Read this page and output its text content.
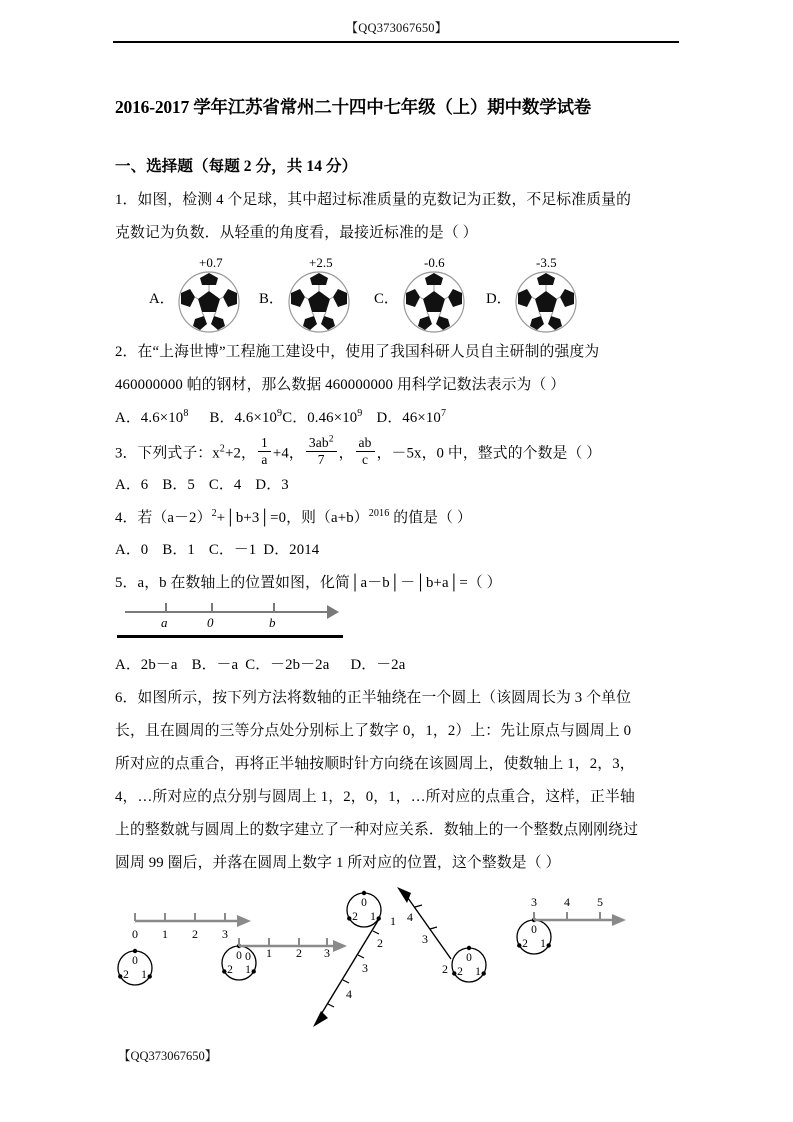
【QQ373067650】
2016-2017 学年江苏省常州二十四中七年级（上）期中数学试卷
一、选择题（每题 2 分，共 14 分）
1．如图，检测 4 个足球，其中超过标准质量的克数记为正数，不足标准质量的
克数记为负数．从轻重的角度看，最接近标准的是（ ）
A．
+0.7
B．
+2.5
C．
-0.6
D．
-3.5
2．在“上海世博”工程施工建设中，使用了我国科研人员自主研制的强度为
460000000 帕的钢材，那么数据 460000000 用科学记数法表示为（ ）
A．$4.6\times 10^8$ B．$4.6\times 10^9C$．$0.46\times 10^9$ D．$46\times 10^7$
3．下列式子：$x^2+2$， $\frac{1}{a} +4$， $\frac{3ab^2}{7}$ ， $\frac{ab}{c}$ ，－5x，0 中，整式的个数是（ ）
A．6 B．5 C．4 D．3
4．若$(a-2)^2+│b+3│=0$，则$(a+b)^{2016}$ 的值是（ ）
A．0 B．1 C．－1 D．2014
5．a，b 在数轴上的位置如图，化简│a－b│－│b+a│=（ ）
a	0	b
A．2b－a B．－a C．－2b－2a D．－2a
6．如图所示，按下列方法将数轴的正半轴绕在一个圆上（该圆周长为 3 个单位
长，且在圆周的三等分点处分别标上了数字 0，1，2）上：先让原点与圆周上 0
所对应的点重合，再将正半轴按顺时针方向绕在该圆周上，使数轴上 1，2，3，
4，…所对应的点分别与圆周上 1，2，0，1，…所对应的点重合，这样，正半轴
上的整数就与圆周上的数字建立了一种对应关系．数轴上的一个整数点刚刚绕过
圆周 99 圈后，并落在圆周上数字 1 所对应的位置，这个整数是（ ）
0 1 2 3
0
1
2
0
1
2
0 1 2 3
0
1
2	1
2
3
4
4
3
2
0
1
2
0
1
2
3 4 5
【QQ373067650】
